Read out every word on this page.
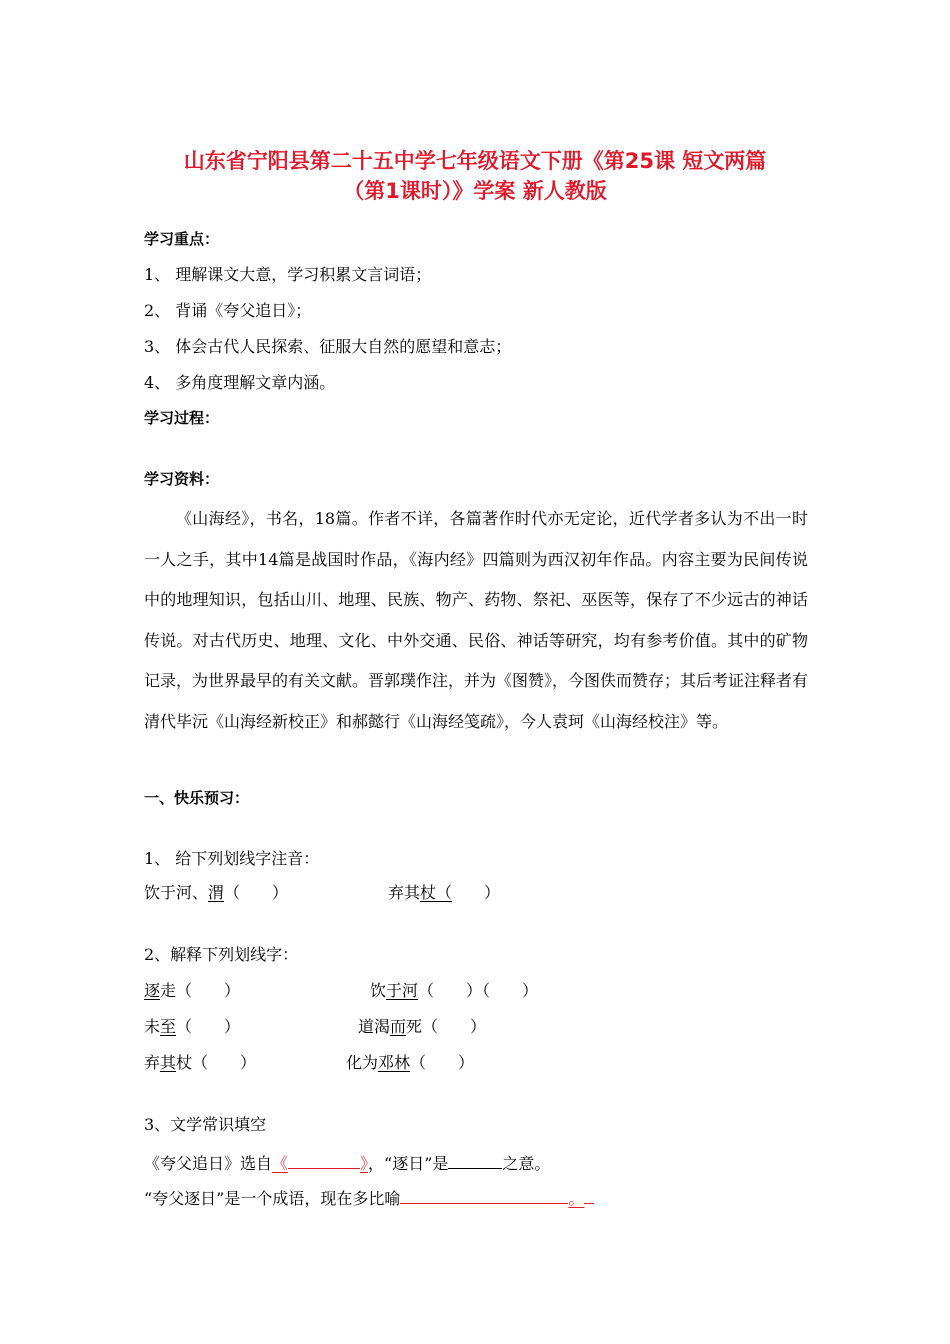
山东省宁阳县第二十五中学七年级语文下册《第25课 短文两篇
（第1课时）》学案 新人教版
学习重点：
1、 理解课文大意，学习积累文言词语；
2、 背诵《夸父追日》；
3、 体会古代人民探索、征服大自然的愿望和意志；
4、 多角度理解文章内涵。
学习过程：
学习资料：
《山海经》，书名，18篇。作者不详，各篇著作时代亦无定论，近代学者多认为不出一时一人之手，其中14篇是战国时作品，《海内经》四篇则为西汉初年作品。内容主要为民间传说中的地理知识，包括山川、地理、民族、物产、药物、祭祀、巫医等，保存了不少远古的神话传说。对古代历史、地理、文化、中外交通、民俗、神话等研究，均有参考价值。其中的矿物记录，为世界最早的有关文献。晋郭璞作注，并为《图赞》，今图佚而赞存；其后考证注释者有清代毕沅《山海经新校正》和郝懿行《山海经笺疏》，今人袁珂《山海经校注》等。
一、快乐预习：
1、 给下列划线字注音：
饮于河、渭（　　）	弃其杖（　　）
2、解释下列划线字：
逐走（　　）	饮于河（　　）（　　）
未至（　　）	道渴而死（　　）
弃其杖（　　）	化为邓林（　　）
3、文学常识填空
《夸父追日》选自《	》，“逐日”是	之意。
“夸父逐日”是一个成语，现在多比喻	。
